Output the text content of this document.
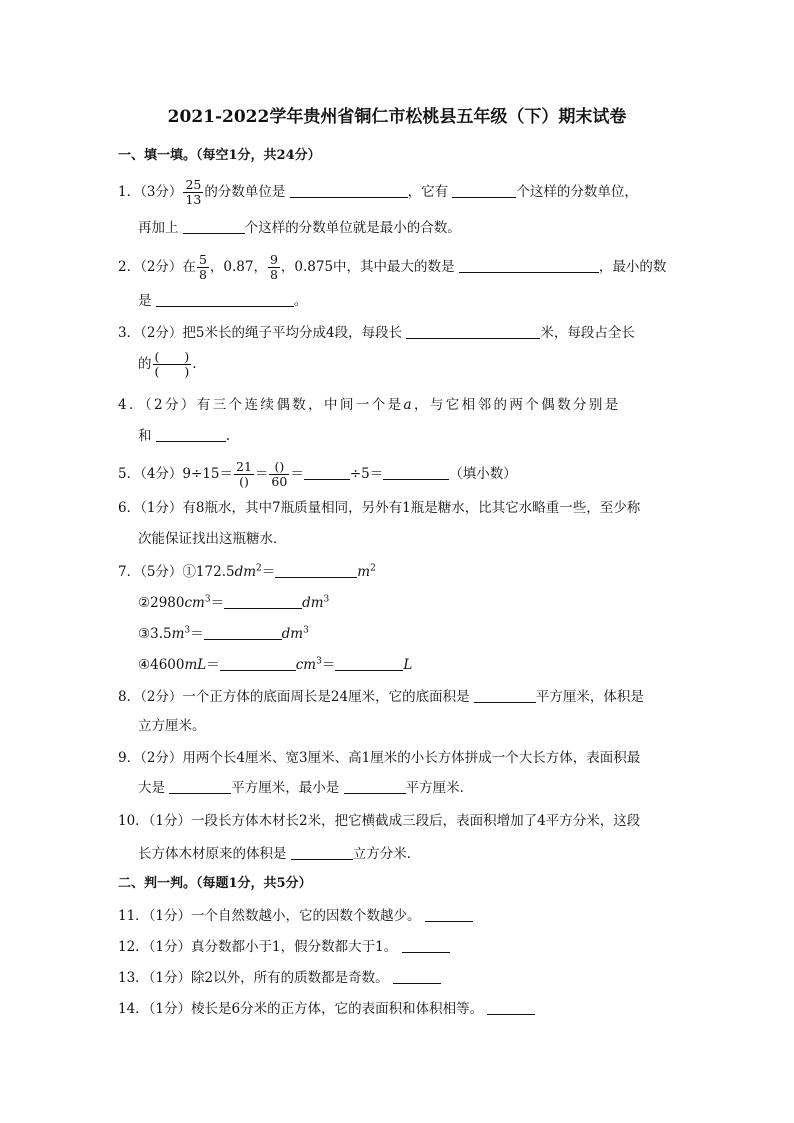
2021-2022学年贵州省铜仁市松桃县五年级（下）期末试卷
一、填一填。（每空1分，共24分）
1．（3分） $\frac{25}{13}$ 的分数单位是	，它有	个这样的分数单位，
再加上	个这样的分数单位就是最小的合数。
2．（2分）在 $\frac{5}{8}$ ，0.87， $\frac{9}{8}$ ，0.875中，其中最大的数是	，最小的数
是	。
3．（2分）把5米长的绳子平均分成4段，每段长	米，每段占全长
的 $\frac{( )}{( )}$ .
4．（2分）有三个连续偶数，中间一个是a，与它相邻的两个偶数分别是
和	.
5．（4分）$9\div 15= \frac{21}{()} = \frac{()}{60}$ ＝	÷5＝	（填小数）
6．（1分）有8瓶水，其中7瓶质量相同，另外有1瓶是糖水，比其它水略重一些，至少称
次能保证找出这瓶糖水．
7．（5分）$①172.5dm^2=$	$m^2$
$②2980cm^3=$	$dm^3$
$③3.5m^3=$	$dm^3$
④4600mL＝	$cm^3=$	L
8．（2分）一个正方体的底面周长是24厘米，它的底面积是	平方厘米，体积是
立方厘米。
9．（2分）用两个长4厘米、宽3厘米、高1厘米的小长方体拼成一个大长方体，表面积最
大是	平方厘米，最小是	平方厘米．
10．（1分）一段长方体木材长2米，把它横截成三段后，表面积增加了4平方分米，这段
长方体木材原来的体积是	立方分米．
二、判一判。（每题1分，共5分）
11．（1分）一个自然数越小，它的因数个数越少。
12．（1分）真分数都小于1，假分数都大于1。
13．（1分）除2以外，所有的质数都是奇数。
14．（1分）棱长是6分米的正方体，它的表面积和体积相等。
